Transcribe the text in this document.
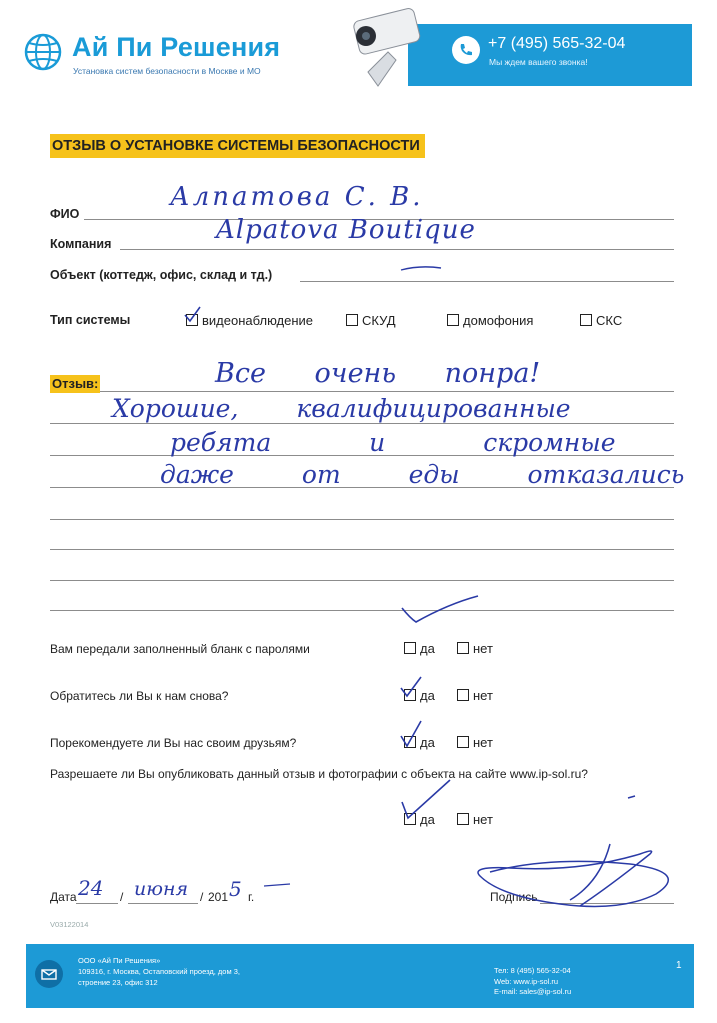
Ай Пи Решения
Установка систем безопасности в Москве и МО
+7 (495) 565-32-04
Мы ждем вашего звонка!
ОТЗЫВ О УСТАНОВКЕ СИСТЕМЫ БЕЗОПАСНОСТИ
ФИО
Алпатова С. В.
Компания	Alpatova Boutique
Объект (коттедж, офис, склад и тд.)
Тип системы	видеонаблюдение	СКУД	домофония	СКС
Отзыв:	Все очень понра!
Хорошие, квалифицированные
ребята и скромные
даже от еды отказались
Вам передали заполненный бланк с паролями	да	нет
Обратитесь ли Вы к нам снова?	да	нет
Порекомендуете ли Вы нас своим друзьям?	да	нет
Разрешаете ли Вы опубликовать данный отзыв и фотографии с объекта на сайте www.ip-sol.ru?
да	нет
Дата 24 / июня / 201 5 г.	Подпись
V03122014
ООО «Ай Пи Решения»
109316, г. Москва, Остаповский проезд, дом 3,
строение 23, офис 312
Тел: 8 (495) 565-32-04
Web: www.ip-sol.ru
E-mail: sales@ip-sol.ru
1
